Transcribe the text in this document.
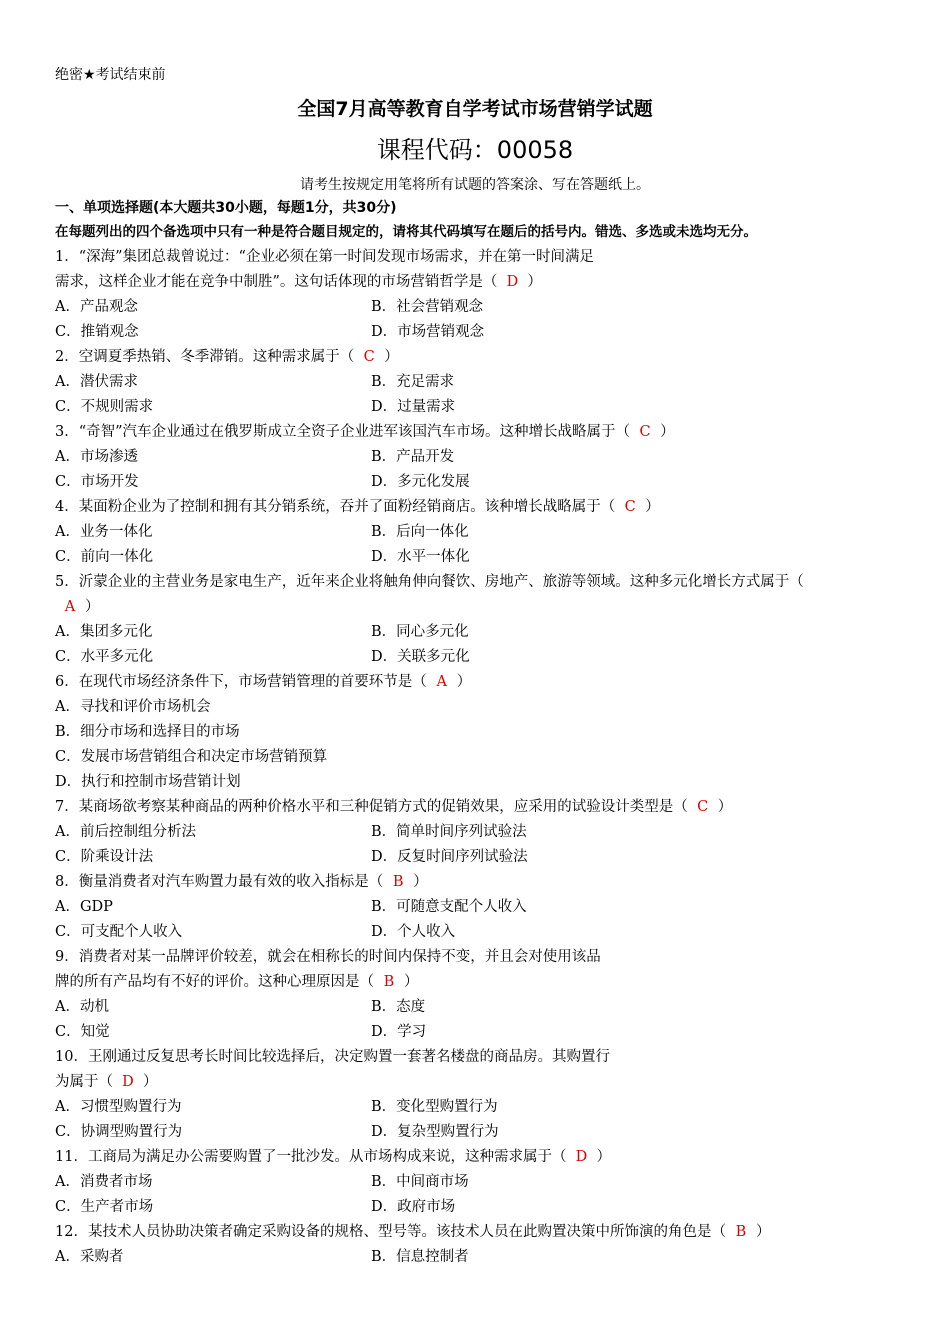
绝密★考试结束前
全国7月高等教育自学考试市场营销学试题
课程代码：00058
请考生按规定用笔将所有试题的答案涂、写在答题纸上。
一、单项选择题(本大题共30小题，每题1分，共30分)
在每题列出的四个备选项中只有一种是符合题目规定的，请将其代码填写在题后的括号内。错选、多选或未选均无分。
1．“深海”集团总裁曾说过：“企业必须在第一时间发现市场需求，并在第一时间满足
需求，这样企业才能在竞争中制胜”。这句话体现的市场营销哲学是（ D ）
A．产品观念	B．社会营销观念
C．推销观念	D．市场营销观念
2．空调夏季热销、冬季滞销。这种需求属于（ C ）
A．潜伏需求	B．充足需求
C．不规则需求	D．过量需求
3．“奇智”汽车企业通过在俄罗斯成立全资子企业进军该国汽车市场。这种增长战略属于（ C ）
A．市场渗透	B．产品开发
C．市场开发	D．多元化发展
4．某面粉企业为了控制和拥有其分销系统，吞并了面粉经销商店。该种增长战略属于（ C ）
A．业务一体化	B．后向一体化
C．前向一体化	D．水平一体化
5．沂蒙企业的主营业务是家电生产，近年来企业将触角伸向餐饮、房地产、旅游等领域。这种多元化增长方式属于（
A ）
A．集团多元化	B．同心多元化
C．水平多元化	D．关联多元化
6．在现代市场经济条件下，市场营销管理的首要环节是（ A ）
A．寻找和评价市场机会
B．细分市场和选择目的市场
C．发展市场营销组合和决定市场营销预算
D．执行和控制市场营销计划
7．某商场欲考察某种商品的两种价格水平和三种促销方式的促销效果，应采用的试验设计类型是（ C ）
A．前后控制组分析法	B．简单时间序列试验法
C．阶乘设计法	D．反复时间序列试验法
8．衡量消费者对汽车购置力最有效的收入指标是（ B ）
A．GDP	B．可随意支配个人收入
C．可支配个人收入	D．个人收入
9．消费者对某一品牌评价较差，就会在相称长的时间内保持不变，并且会对使用该品
牌的所有产品均有不好的评价。这种心理原因是（ B ）
A．动机	B．态度
C．知觉	D．学习
10．王刚通过反复思考长时间比较选择后，决定购置一套著名楼盘的商品房。其购置行
为属于（ D ）
A．习惯型购置行为	B．变化型购置行为
C．协调型购置行为	D．复杂型购置行为
11．工商局为满足办公需要购置了一批沙发。从市场构成来说，这种需求属于（ D ）
A．消费者市场	B．中间商市场
C．生产者市场	D．政府市场
12．某技术人员协助决策者确定采购设备的规格、型号等。该技术人员在此购置决策中所饰演的角色是（ B ）
A．采购者	B．信息控制者
